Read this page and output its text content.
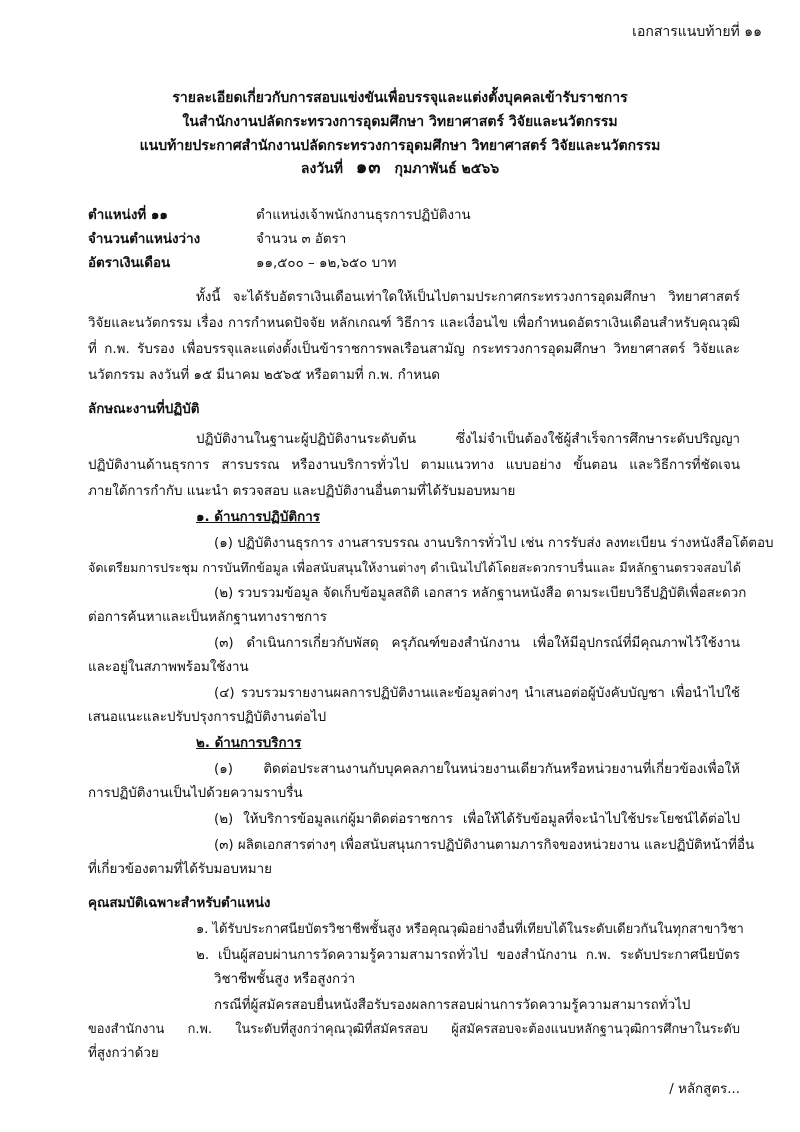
เอกสารแนบท้ายที่ ๑๑
รายละเอียดเกี่ยวกับการสอบแข่งขันเพื่อบรรจุและแต่งตั้งบุคคลเข้ารับราชการ
ในสำนักงานปลัดกระทรวงการอุดมศึกษา วิทยาศาสตร์ วิจัยและนวัตกรรม
แนบท้ายประกาศสำนักงานปลัดกระทรวงการอุดมศึกษา วิทยาศาสตร์ วิจัยและนวัตกรรม
ลงวันที่ ๑๓ กุมภาพันธ์ ๒๕๖๖
ตำแหน่งที่ ๑๑	ตำแหน่งเจ้าพนักงานธุรการปฏิบัติงาน
จำนวนตำแหน่งว่าง	จำนวน ๓ อัตรา
อัตราเงินเดือน	๑๑,๕๐๐ – ๑๒,๖๕๐ บาท
ทั้งนี้ จะได้รับอัตราเงินเดือนเท่าใดให้เป็นไปตามประกาศกระทรวงการอุดมศึกษา วิทยาศาสตร์
วิจัยและนวัตกรรม เรื่อง การกำหนดปัจจัย หลักเกณฑ์ วิธีการ และเงื่อนไข เพื่อกำหนดอัตราเงินเดือนสำหรับคุณวุฒิ
ที่ ก.พ. รับรอง เพื่อบรรจุและแต่งตั้งเป็นข้าราชการพลเรือนสามัญ กระทรวงการอุดมศึกษา วิทยาศาสตร์ วิจัยและ
นวัตกรรม ลงวันที่ ๑๕ มีนาคม ๒๕๖๕ หรือตามที่ ก.พ. กำหนด
ลักษณะงานที่ปฏิบัติ
ปฏิบัติงานในฐานะผู้ปฏิบัติงานระดับต้น ซึ่งไม่จำเป็นต้องใช้ผู้สำเร็จการศึกษาระดับปริญญา
ปฏิบัติงานด้านธุรการ สารบรรณ หรืองานบริการทั่วไป ตามแนวทาง แบบอย่าง ขั้นตอน และวิธีการที่ชัดเจน
ภายใต้การกำกับ แนะนำ ตรวจสอบ และปฏิบัติงานอื่นตามที่ได้รับมอบหมาย
๑. ด้านการปฏิบัติการ
(๑) ปฏิบัติงานธุรการ งานสารบรรณ งานบริการทั่วไป เช่น การรับส่ง ลงทะเบียน ร่างหนังสือโต้ตอบ
จัดเตรียมการประชุม การบันทึกข้อมูล เพื่อสนับสนุนให้งานต่างๆ ดำเนินไปได้โดยสะดวกราบรื่นและ มีหลักฐานตรวจสอบได้
(๒) รวบรวมข้อมูล จัดเก็บข้อมูลสถิติ เอกสาร หลักฐานหนังสือ ตามระเบียบวิธีปฏิบัติเพื่อสะดวก
ต่อการค้นหาและเป็นหลักฐานทางราชการ
(๓) ดำเนินการเกี่ยวกับพัสดุ ครุภัณฑ์ของสำนักงาน เพื่อให้มีอุปกรณ์ที่มีคุณภาพไว้ใช้งาน
และอยู่ในสภาพพร้อมใช้งาน
(๔) รวบรวมรายงานผลการปฏิบัติงานและข้อมูลต่างๆ นำเสนอต่อผู้บังคับบัญชา เพื่อนำไปใช้
เสนอแนะและปรับปรุงการปฏิบัติงานต่อไป
๒. ด้านการบริการ
(๑) ติดต่อประสานงานกับบุคคลภายในหน่วยงานเดียวกันหรือหน่วยงานที่เกี่ยวข้องเพื่อให้
การปฏิบัติงานเป็นไปด้วยความราบรื่น
(๒) ให้บริการข้อมูลแก่ผู้มาติดต่อราชการ เพื่อให้ได้รับข้อมูลที่จะนำไปใช้ประโยชน์ได้ต่อไป
(๓) ผลิตเอกสารต่างๆ เพื่อสนับสนุนการปฏิบัติงานตามภารกิจของหน่วยงาน และปฏิบัติหน้าที่อื่น
ที่เกี่ยวข้องตามที่ได้รับมอบหมาย
คุณสมบัติเฉพาะสำหรับตำแหน่ง
๑. ได้รับประกาศนียบัตรวิชาชีพชั้นสูง หรือคุณวุฒิอย่างอื่นที่เทียบได้ในระดับเดียวกันในทุกสาขาวิชา
๒. เป็นผู้สอบผ่านการวัดความรู้ความสามารถทั่วไป ของสำนักงาน ก.พ. ระดับประกาศนียบัตร
วิชาชีพชั้นสูง หรือสูงกว่า
กรณีที่ผู้สมัครสอบยื่นหนังสือรับรองผลการสอบผ่านการวัดความรู้ความสามารถทั่วไป
ของสำนักงาน ก.พ. ในระดับที่สูงกว่าคุณวุฒิที่สมัครสอบ ผู้สมัครสอบจะต้องแนบหลักฐานวุฒิการศึกษาในระดับ
ที่สูงกว่าด้วย
/ หลักสูตร...
